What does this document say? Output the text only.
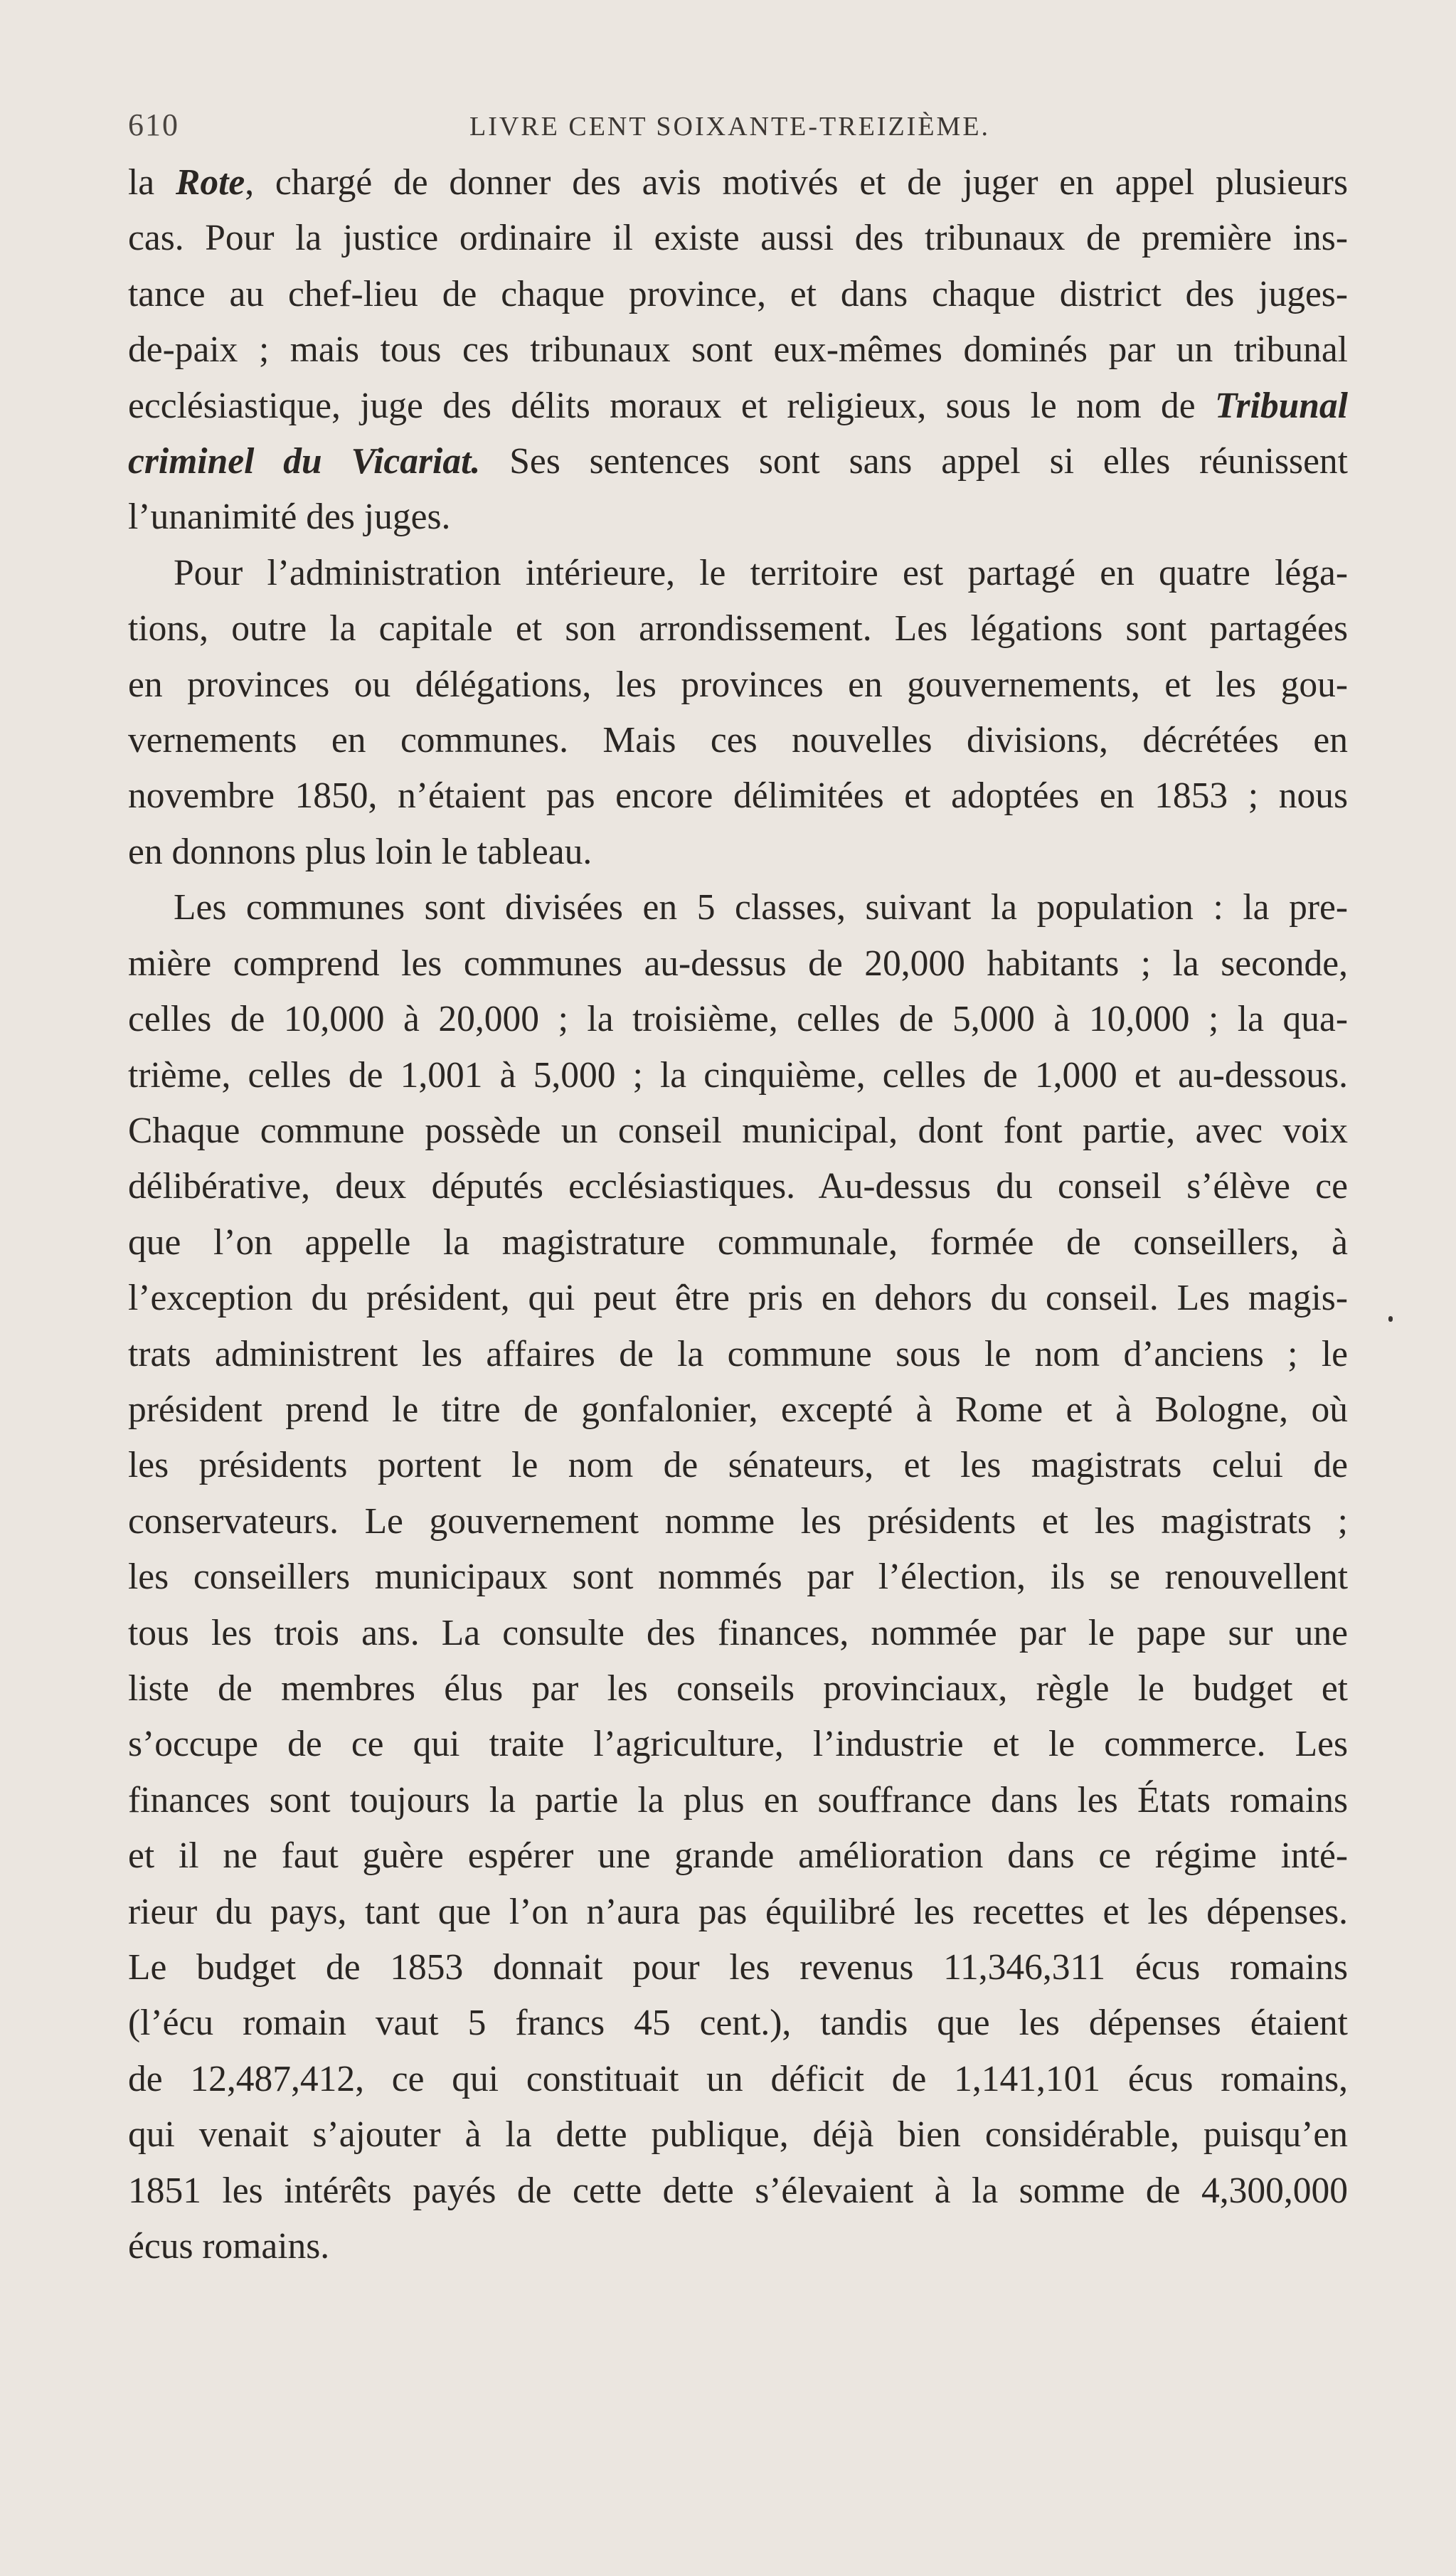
610	LIVRE CENT SOIXANTE-TREIZIÈME.
la Rote, chargé de donner des avis motivés et de juger en appel plusieurs
cas. Pour la justice ordinaire il existe aussi des tribunaux de première ins-
tance au chef-lieu de chaque province, et dans chaque district des juges-
de-paix ; mais tous ces tribunaux sont eux-mêmes dominés par un tribunal
ecclésiastique, juge des délits moraux et religieux, sous le nom de Tribunal
criminel du Vicariat. Ses sentences sont sans appel si elles réunissent
l’unanimité des juges.
Pour l’administration intérieure, le territoire est partagé en quatre léga-
tions, outre la capitale et son arrondissement. Les légations sont partagées
en provinces ou délégations, les provinces en gouvernements, et les gou-
vernements en communes. Mais ces nouvelles divisions, décrétées en
novembre 1850, n’étaient pas encore délimitées et adoptées en 1853 ; nous
en donnons plus loin le tableau.
Les communes sont divisées en 5 classes, suivant la population : la pre-
mière comprend les communes au-dessus de 20,000 habitants ; la seconde,
celles de 10,000 à 20,000 ; la troisième, celles de 5,000 à 10,000 ; la qua-
trième, celles de 1,001 à 5,000 ; la cinquième, celles de 1,000 et au-dessous.
Chaque commune possède un conseil municipal, dont font partie, avec voix
délibérative, deux députés ecclésiastiques. Au-dessus du conseil s’élève ce
que l’on appelle la magistrature communale, formée de conseillers, à
l’exception du président, qui peut être pris en dehors du conseil. Les magis-
trats administrent les affaires de la commune sous le nom d’anciens ; le
président prend le titre de gonfalonier, excepté à Rome et à Bologne, où
les présidents portent le nom de sénateurs, et les magistrats celui de
conservateurs. Le gouvernement nomme les présidents et les magistrats ;
les conseillers municipaux sont nommés par l’élection, ils se renouvellent
tous les trois ans. La consulte des finances, nommée par le pape sur une
liste de membres élus par les conseils provinciaux, règle le budget et
s’occupe de ce qui traite l’agriculture, l’industrie et le commerce. Les
finances sont toujours la partie la plus en souffrance dans les États romains
et il ne faut guère espérer une grande amélioration dans ce régime inté-
rieur du pays, tant que l’on n’aura pas équilibré les recettes et les dépenses.
Le budget de 1853 donnait pour les revenus 11,346,311 écus romains
(l’écu romain vaut 5 francs 45 cent.), tandis que les dépenses étaient
de 12,487,412, ce qui constituait un déficit de 1,141,101 écus romains,
qui venait s’ajouter à la dette publique, déjà bien considérable, puisqu’en
1851 les intérêts payés de cette dette s’élevaient à la somme de 4,300,000
écus romains.
